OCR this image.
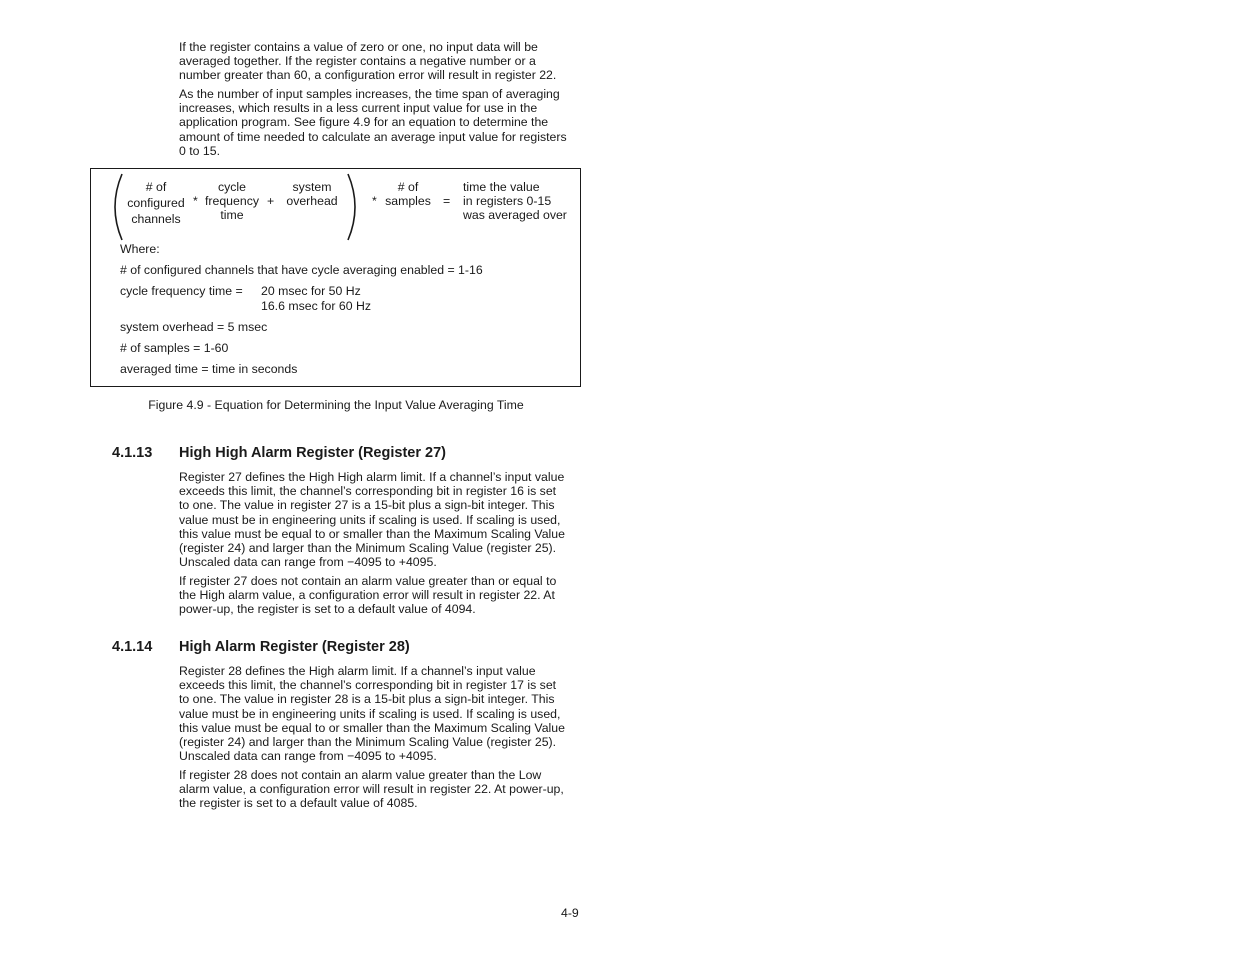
If the register contains a value of zero or one, no input data will be averaged together. If the register contains a negative number or a number greater than 60, a configuration error will result in register 22.

As the number of input samples increases, the time span of averaging increases, which results in a less current input value for use in the application program. See figure 4.9 for an equation to determine the amount of time needed to calculate an average input value for registers 0 to 15.

# of
configured
channels
*
cycle
frequency
time
+
system
overhead	*
# of
samples =
time the value
in registers 0-15
was averaged over
Where:
# of configured channels that have cycle averaging enabled = 1-16
cycle frequency time = 20 msec for 50 Hz
16.6 msec for 60 Hz
system overhead = 5 msec
# of samples = 1-60
averaged time = time in seconds

Figure 4.9 - Equation for Determining the Input Value Averaging Time

4.1.13 High High Alarm Register (Register 27)

Register 27 defines the High High alarm limit. If a channel’s input value exceeds this limit, the channel’s corresponding bit in register 16 is set to one. The value in register 27 is a 15-bit plus a sign-bit integer. This value must be in engineering units if scaling is used. If scaling is used, this value must be equal to or smaller than the Maximum Scaling Value (register 24) and larger than the Minimum Scaling Value (register 25). Unscaled data can range from −4095 to +4095.

If register 27 does not contain an alarm value greater than or equal to the High alarm value, a configuration error will result in register 22. At power-up, the register is set to a default value of 4094.

4.1.14 High Alarm Register (Register 28)

Register 28 defines the High alarm limit. If a channel’s input value exceeds this limit, the channel’s corresponding bit in register 17 is set to one. The value in register 28 is a 15-bit plus a sign-bit integer. This value must be in engineering units if scaling is used. If scaling is used, this value must be equal to or smaller than the Maximum Scaling Value (register 24) and larger than the Minimum Scaling Value (register 25). Unscaled data can range from −4095 to +4095.

If register 28 does not contain an alarm value greater than the Low alarm value, a configuration error will result in register 22. At power-up, the register is set to a default value of 4085.

4-9
